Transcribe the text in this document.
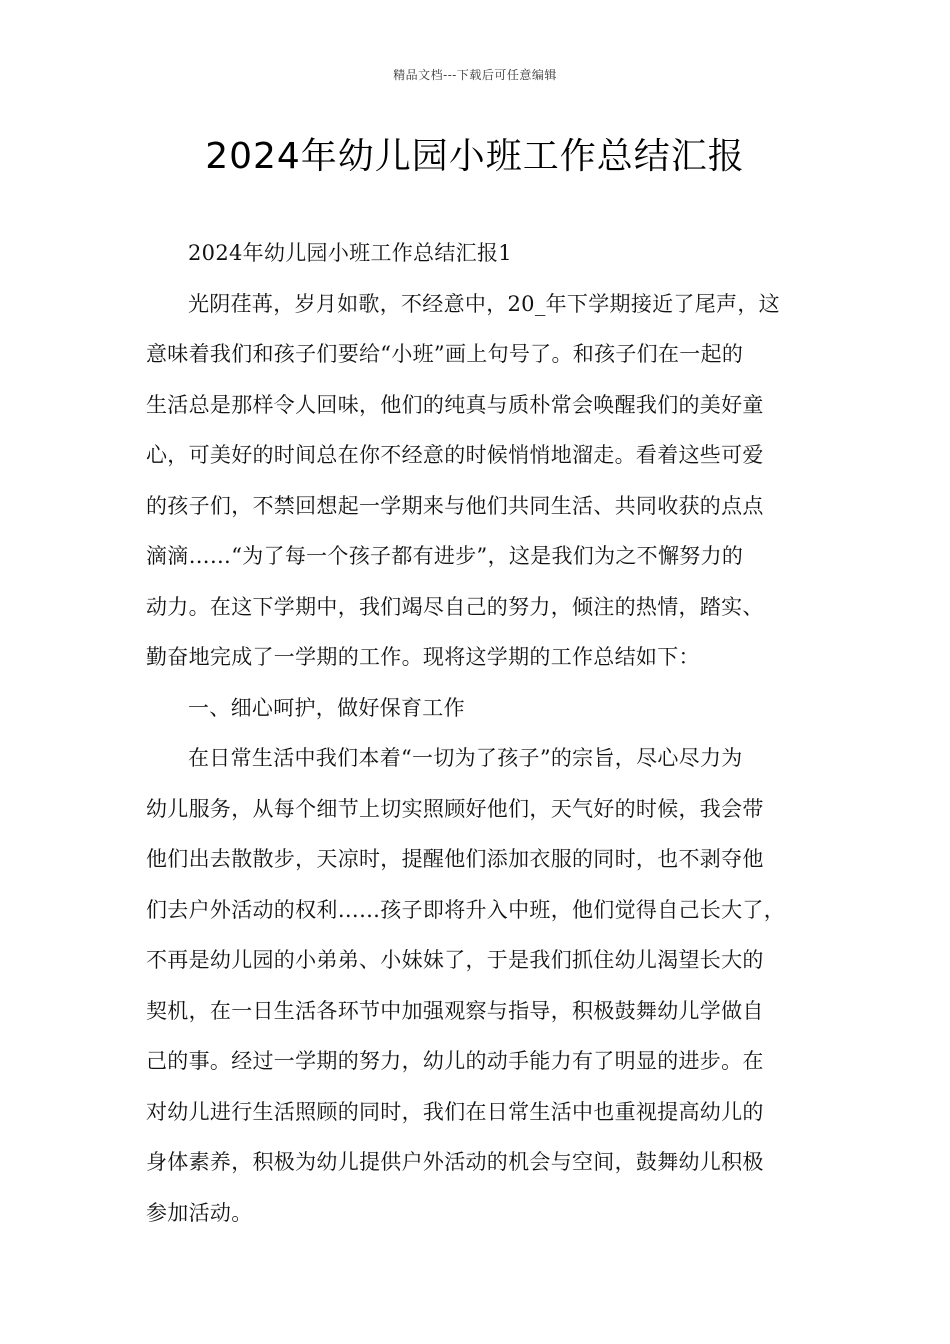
精品文档---下载后可任意编辑
2024年幼儿园小班工作总结汇报
2024年幼儿园小班工作总结汇报1
光阴荏苒，岁月如歌，不经意中，20_年下学期接近了尾声，这
意味着我们和孩子们要给“小班”画上句号了。和孩子们在一起的
生活总是那样令人回味，他们的纯真与质朴常会唤醒我们的美好童
心，可美好的时间总在你不经意的时候悄悄地溜走。看着这些可爱
的孩子们，不禁回想起一学期来与他们共同生活、共同收获的点点
滴滴……“为了每一个孩子都有进步”，这是我们为之不懈努力的
动力。在这下学期中，我们竭尽自己的努力，倾注的热情，踏实、
勤奋地完成了一学期的工作。现将这学期的工作总结如下：
一、细心呵护，做好保育工作
在日常生活中我们本着“一切为了孩子”的宗旨，尽心尽力为
幼儿服务，从每个细节上切实照顾好他们，天气好的时候，我会带
他们出去散散步，天凉时，提醒他们添加衣服的同时，也不剥夺他
们去户外活动的权利……孩子即将升入中班，他们觉得自己长大了，
不再是幼儿园的小弟弟、小妹妹了，于是我们抓住幼儿渴望长大的
契机，在一日生活各环节中加强观察与指导，积极鼓舞幼儿学做自
己的事。经过一学期的努力，幼儿的动手能力有了明显的进步。在
对幼儿进行生活照顾的同时，我们在日常生活中也重视提高幼儿的
身体素养，积极为幼儿提供户外活动的机会与空间，鼓舞幼儿积极
参加活动。
